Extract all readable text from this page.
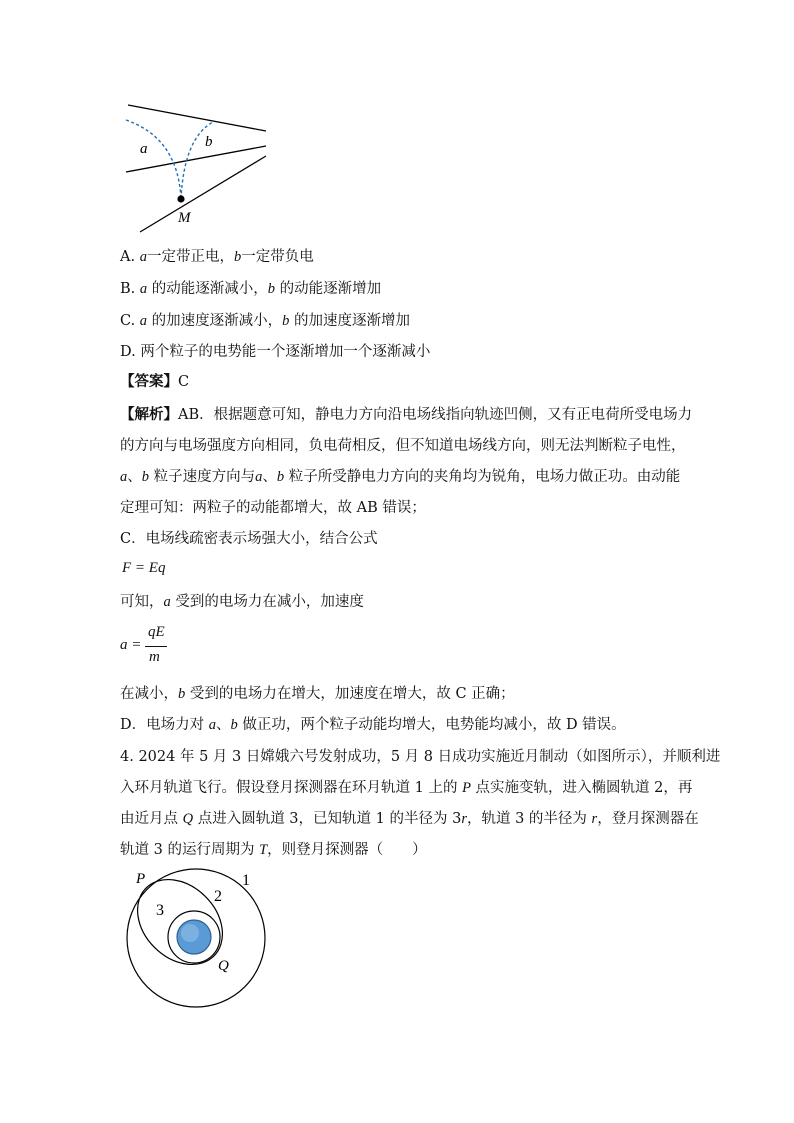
a	b
M
A. a一定带正电，b一定带负电
B. a 的动能逐渐减小，b 的动能逐渐增加
C. a 的加速度逐渐减小，b 的加速度逐渐增加
D. 两个粒子的电势能一个逐渐增加一个逐渐减小
【答案】C
【解析】AB．根据题意可知，静电力方向沿电场线指向轨迹凹侧，又有正电荷所受电场力
的方向与电场强度方向相同，负电荷相反，但不知道电场线方向，则无法判断粒子电性，
a、b 粒子速度方向与a、b 粒子所受静电力方向的夹角均为锐角，电场力做正功。由动能
定理可知：两粒子的动能都增大，故 AB 错误；
C．电场线疏密表示场强大小，结合公式
F = Eq
可知，a 受到的电场力在减小，加速度
a =
qE
m
在减小，b 受到的电场力在增大，加速度在增大，故 C 正确；
D．电场力对 a、b 做正功，两个粒子动能均增大，电势能均减小，故 D 错误。
4. 2024 年 5 月 3 日嫦娥六号发射成功，5 月 8 日成功实施近月制动（如图所示），并顺利进
入环月轨道飞行。假设登月探测器在环月轨道 1 上的 P 点实施变轨，进入椭圆轨道 2，再
由近月点 Q 点进入圆轨道 3，已知轨道 1 的半径为 3r，轨道 3 的半径为 r，登月探测器在
轨道 3 的运行周期为 T，则登月探测器（　　）
P	1
2
3
Q
